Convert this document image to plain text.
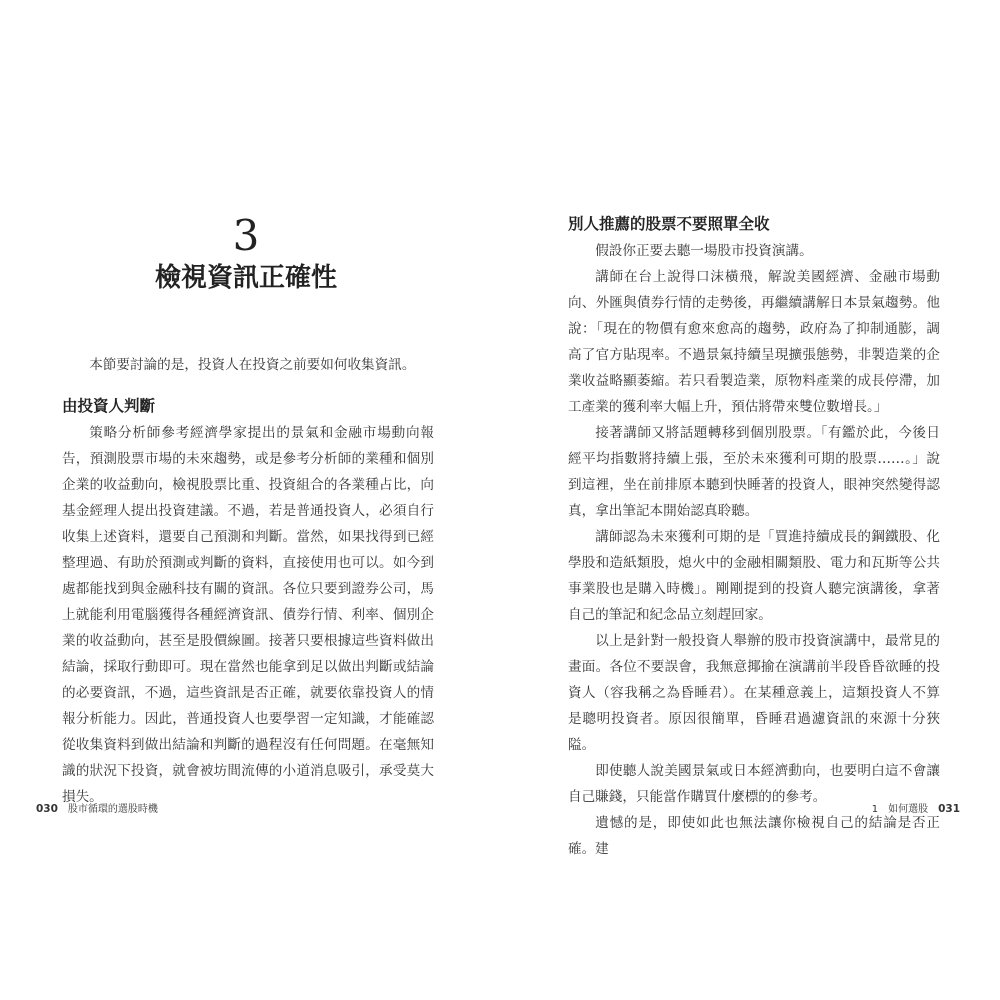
3
檢視資訊正確性

本節要討論的是，投資人在投資之前要如何收集資訊。

由投資人判斷

策略分析師參考經濟學家提出的景氣和金融市場動向報告，預測股票市場的未來趨勢，或是參考分析師的業種和個別企業的收益動向，檢視股票比重、投資組合的各業種占比，向基金經理人提出投資建議。不過，若是普通投資人，必須自行收集上述資料，還要自己預測和判斷。當然，如果找得到已經整理過、有助於預測或判斷的資料，直接使用也可以。如今到處都能找到與金融科技有關的資訊。各位只要到證券公司，馬上就能利用電腦獲得各種經濟資訊、債券行情、利率、個別企業的收益動向，甚至是股價線圖。接著只要根據這些資料做出結論，採取行動即可。現在當然也能拿到足以做出判斷或結論的必要資訊，不過，這些資訊是否正確，就要依靠投資人的情報分析能力。因此，普通投資人也要學習一定知識，才能確認從收集資料到做出結論和判斷的過程沒有任何問題。在毫無知識的狀況下投資，就會被坊間流傳的小道消息吸引，承受莫大損失。

030 股市循環的選股時機

別人推薦的股票不要照單全收

假設你正要去聽一場股市投資演講。

講師在台上說得口沫橫飛，解說美國經濟、金融市場動向、外匯與債券行情的走勢後，再繼續講解日本景氣趨勢。他說：「現在的物價有愈來愈高的趨勢，政府為了抑制通膨，調高了官方貼現率。不過景氣持續呈現擴張態勢，非製造業的企業收益略顯萎縮。若只看製造業，原物料產業的成長停滯，加工產業的獲利率大幅上升，預估將帶來雙位數增長。」

接著講師又將話題轉移到個別股票。「有鑑於此，今後日經平均指數將持續上張，至於未來獲利可期的股票……。」說到這裡，坐在前排原本聽到快睡著的投資人，眼神突然變得認真，拿出筆記本開始認真聆聽。

講師認為未來獲利可期的是「買進持續成長的鋼鐵股、化學股和造紙類股，熄火中的金融相關類股、電力和瓦斯等公共事業股也是購入時機」。剛剛提到的投資人聽完演講後，拿著自己的筆記和紀念品立刻趕回家。

以上是針對一般投資人舉辦的股市投資演講中，最常見的畫面。各位不要誤會，我無意揶揄在演講前半段昏昏欲睡的投資人（容我稱之為昏睡君）。在某種意義上，這類投資人不算是聰明投資者。原因很簡單，昏睡君過濾資訊的來源十分狹隘。

即使聽人說美國景氣或日本經濟動向，也要明白這不會讓自己賺錢，只能當作購買什麼標的的參考。

遺憾的是，即使如此也無法讓你檢視自己的結論是否正確。建

1 如何選股 031
